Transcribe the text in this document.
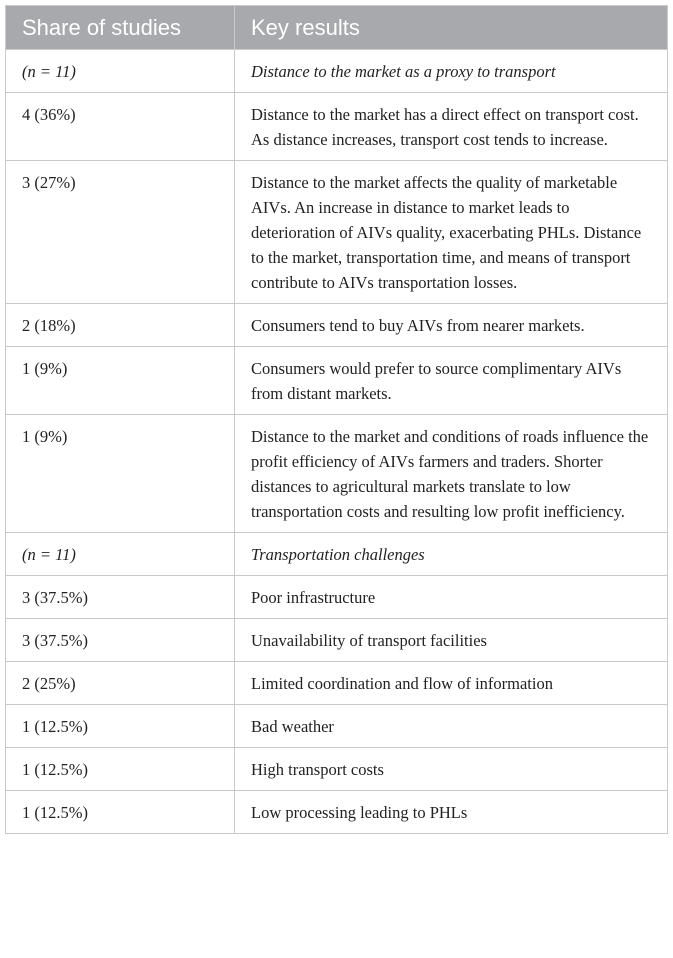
Share of studies	Key results
(n = 11)	Distance to the market as a proxy to transport
4 (36%)	Distance to the market has a direct effect on transport cost. As distance increases, transport cost tends to increase.
3 (27%)	Distance to the market affects the quality of marketable AIVs. An increase in distance to market leads to deterioration of AIVs quality, exacerbating PHLs. Distance to the market, transportation time, and means of transport contribute to AIVs transportation losses.
2 (18%)	Consumers tend to buy AIVs from nearer markets.
1 (9%)	Consumers would prefer to source complimentary AIVs from distant markets.
1 (9%)	Distance to the market and conditions of roads influence the profit efficiency of AIVs farmers and traders. Shorter distances to agricultural markets translate to low transportation costs and resulting low profit inefficiency.
(n = 11)	Transportation challenges
3 (37.5%)	Poor infrastructure
3 (37.5%)	Unavailability of transport facilities
2 (25%)	Limited coordination and flow of information
1 (12.5%)	Bad weather
1 (12.5%)	High transport costs
1 (12.5%)	Low processing leading to PHLs
